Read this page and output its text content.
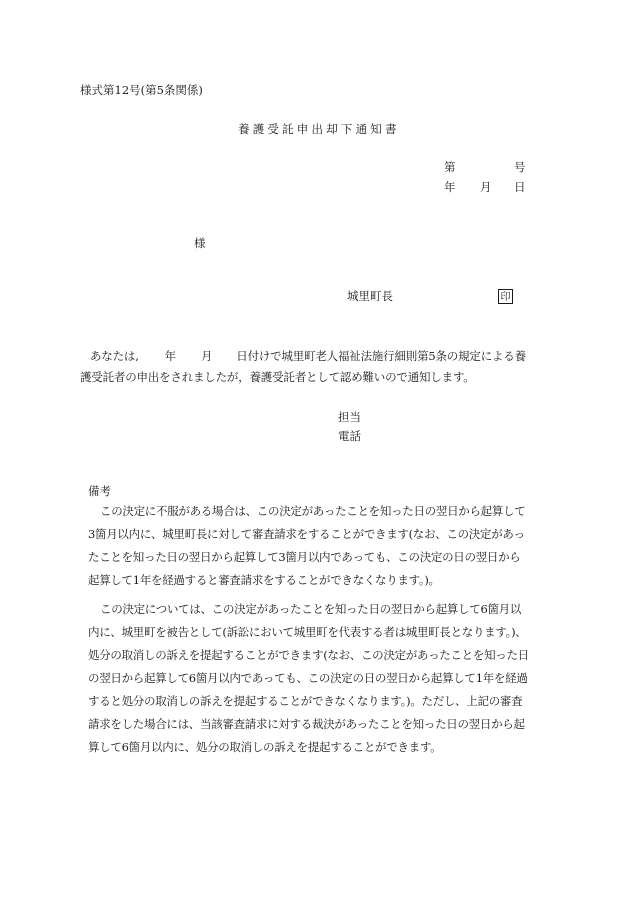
様式第12号(第5条関係)
養護受託申出却下通知書
第	号
年 月 日
様
城里町長	印
あなたは, 年 月 日付けで城里町老人福祉法施行細則第5条の規定による養護受託者の申出をされましたが，養護受託者として認め難いので通知します。
担当
電話
備考
この決定に不服がある場合は、この決定があったことを知った日の翌日から起算して3箇月以内に、城里町長に対して審査請求をすることができます(なお、この決定があったことを知った日の翌日から起算して3箇月以内であっても、この決定の日の翌日から起算して1年を経過すると審査請求をすることができなくなります。)。
この決定については、この決定があったことを知った日の翌日から起算して6箇月以内に、城里町を被告として(訴訟において城里町を代表する者は城里町長となります。)、処分の取消しの訴えを提起することができます(なお、この決定があったことを知った日の翌日から起算して6箇月以内であっても、この決定の日の翌日から起算して1年を経過すると処分の取消しの訴えを提起することができなくなります。)。ただし、上記の審査請求をした場合には、当該審査請求に対する裁決があったことを知った日の翌日から起算して6箇月以内に、処分の取消しの訴えを提起することができます。
